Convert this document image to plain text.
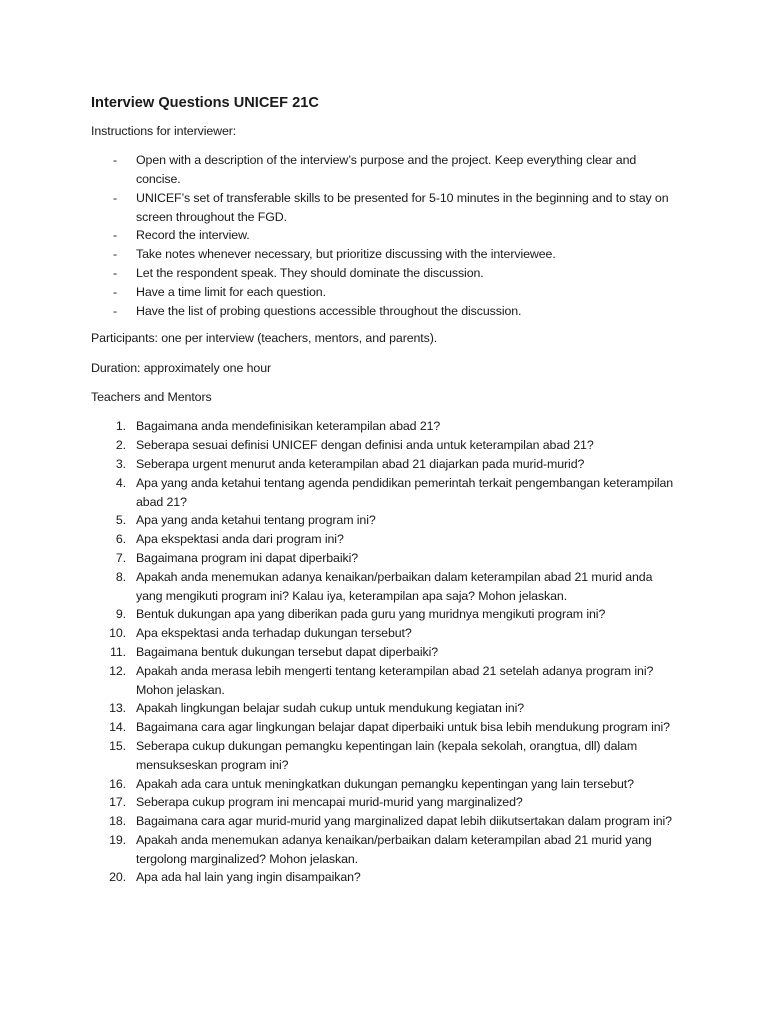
Interview Questions UNICEF 21C
Instructions for interviewer:
- Open with a description of the interview’s purpose and the project. Keep everything clear and concise.
- UNICEF’s set of transferable skills to be presented for 5-10 minutes in the beginning and to stay on screen throughout the FGD.
- Record the interview.
- Take notes whenever necessary, but prioritize discussing with the interviewee.
- Let the respondent speak. They should dominate the discussion.
- Have a time limit for each question.
- Have the list of probing questions accessible throughout the discussion.
Participants: one per interview (teachers, mentors, and parents).
Duration: approximately one hour
Teachers and Mentors
1. Bagaimana anda mendefinisikan keterampilan abad 21?
2. Seberapa sesuai definisi UNICEF dengan definisi anda untuk keterampilan abad 21?
3. Seberapa urgent menurut anda keterampilan abad 21 diajarkan pada murid-murid?
4. Apa yang anda ketahui tentang agenda pendidikan pemerintah terkait pengembangan keterampilan abad 21?
5. Apa yang anda ketahui tentang program ini?
6. Apa ekspektasi anda dari program ini?
7. Bagaimana program ini dapat diperbaiki?
8. Apakah anda menemukan adanya kenaikan/perbaikan dalam keterampilan abad 21 murid anda yang mengikuti program ini? Kalau iya, keterampilan apa saja? Mohon jelaskan.
9. Bentuk dukungan apa yang diberikan pada guru yang muridnya mengikuti program ini?
10. Apa ekspektasi anda terhadap dukungan tersebut?
11. Bagaimana bentuk dukungan tersebut dapat diperbaiki?
12. Apakah anda merasa lebih mengerti tentang keterampilan abad 21 setelah adanya program ini? Mohon jelaskan.
13. Apakah lingkungan belajar sudah cukup untuk mendukung kegiatan ini?
14. Bagaimana cara agar lingkungan belajar dapat diperbaiki untuk bisa lebih mendukung program ini?
15. Seberapa cukup dukungan pemangku kepentingan lain (kepala sekolah, orangtua, dll) dalam mensukseskan program ini?
16. Apakah ada cara untuk meningkatkan dukungan pemangku kepentingan yang lain tersebut?
17. Seberapa cukup program ini mencapai murid-murid yang marginalized?
18. Bagaimana cara agar murid-murid yang marginalized dapat lebih diikutsertakan dalam program ini?
19. Apakah anda menemukan adanya kenaikan/perbaikan dalam keterampilan abad 21 murid yang tergolong marginalized? Mohon jelaskan.
20. Apa ada hal lain yang ingin disampaikan?
